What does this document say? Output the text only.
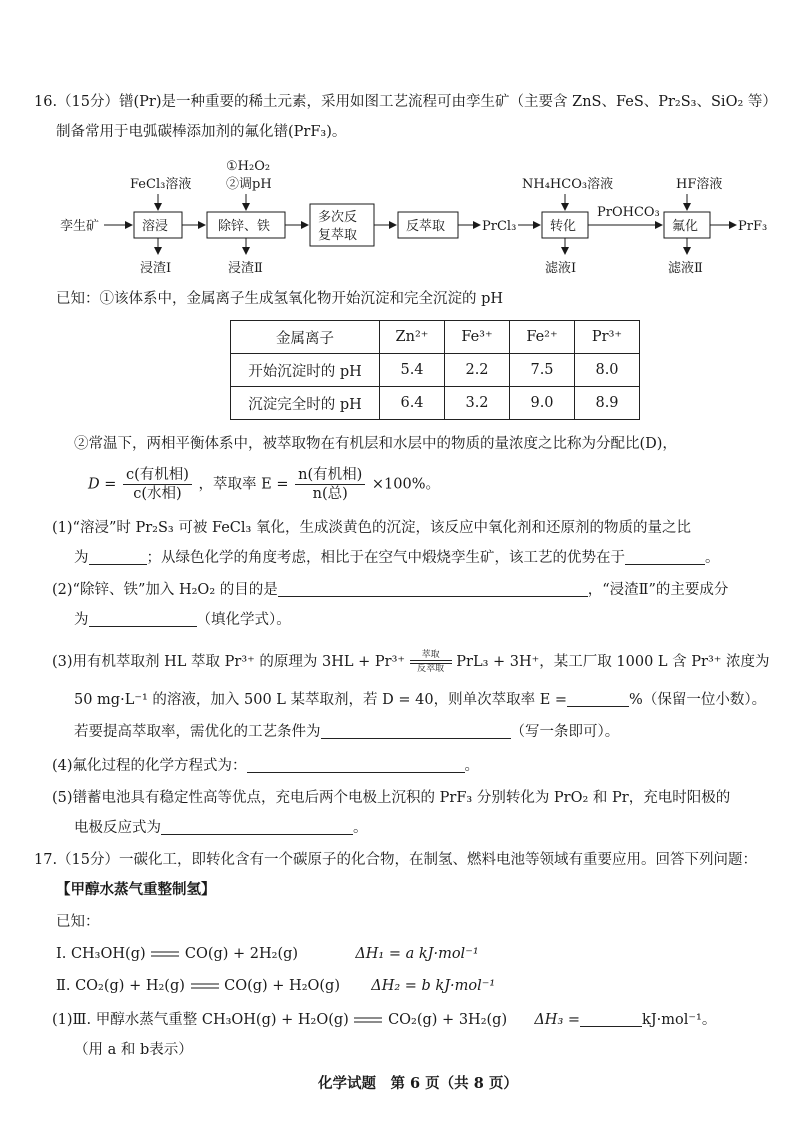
16.（15分）镨(Pr)是一种重要的稀土元素，采用如图工艺流程可由孪生矿（主要含 ZnS、FeS、Pr₂S₃、SiO₂ 等）
制备常用于电弧碳棒添加剂的氟化镨(PrF₃)。
孪生矿	溶浸	除锌、铁
多次反
复萃取
反萃取	PrCl₃	转化
PrOHCO₃
氟化	PrF₃
FeCl₃溶液
①H₂O₂
②调pH	NH₄HCO₃溶液	HF溶液
浸渣Ⅰ	浸渣Ⅱ	滤液Ⅰ	滤液Ⅱ
已知：①该体系中，金属离子生成氢氧化物开始沉淀和完全沉淀的 pH
金属离子	Zn²⁺	Fe³⁺	Fe²⁺	Pr³⁺
开始沉淀时的 pH	5.4	2.2	7.5	8.0
沉淀完全时的 pH	6.4	3.2	9.0	8.9
②常温下，两相平衡体系中，被萃取物在有机层和水层中的物质的量浓度之比称为分配比(D)，
$D = \frac{\text{c(有机相)}}{\text{c(水相)}}$ ，萃取率 $E = \frac{\text{n(有机相)}}{\text{n(总)}} \times 100\%$。
(1)“溶浸”时 Pr₂S₃ 可被 FeCl₃ 氧化，生成淡黄色的沉淀，该反应中氧化剂和还原剂的物质的量之比
为	；从绿色化学的角度考虑，相比于在空气中煅烧孪生矿，该工艺的优势在于	。
(2)“除锌、铁”加入 H₂O₂ 的目的是	，“浸渣Ⅱ”的主要成分
为	（填化学式）。
(3)用有机萃取剂 HL 萃取 Pr³⁺ 的原理为 3HL + Pr³⁺	萃取
反萃取 PrL₃ + 3H⁺，某工厂取 1000 L 含 Pr³⁺ 浓度为
50 mg·L⁻¹ 的溶液，加入 500 L 某萃取剂，若 D = 40，则单次萃取率 E =	%（保留一位小数）。
若要提高萃取率，需优化的工艺条件为	（写一条即可）。
(4)氟化过程的化学方程式为：	。
(5)镨蓄电池具有稳定性高等优点，充电后两个电极上沉积的 PrF₃ 分别转化为 PrO₂ 和 Pr，充电时阳极的
电极反应式为	。
17.（15分）一碳化工，即转化含有一个碳原子的化合物，在制氢、燃料电池等领域有重要应用。回答下列问题：
【甲醇水蒸气重整制氢】
已知：
Ⅰ. CH₃OH(g)	CO(g) + 2H₂(g)	ΔH₁ = a kJ·mol⁻¹
Ⅱ. CO₂(g) + H₂(g)	CO(g) + H₂O(g) ΔH₂ = b kJ·mol⁻¹
(1)Ⅲ. 甲醇水蒸气重整 CH₃OH(g) + H₂O(g)	CO₂(g) + 3H₂(g) ΔH₃ =	kJ·mol⁻¹。
（用 a 和 b表示）
化学试题　第 6 页（共 8 页）
